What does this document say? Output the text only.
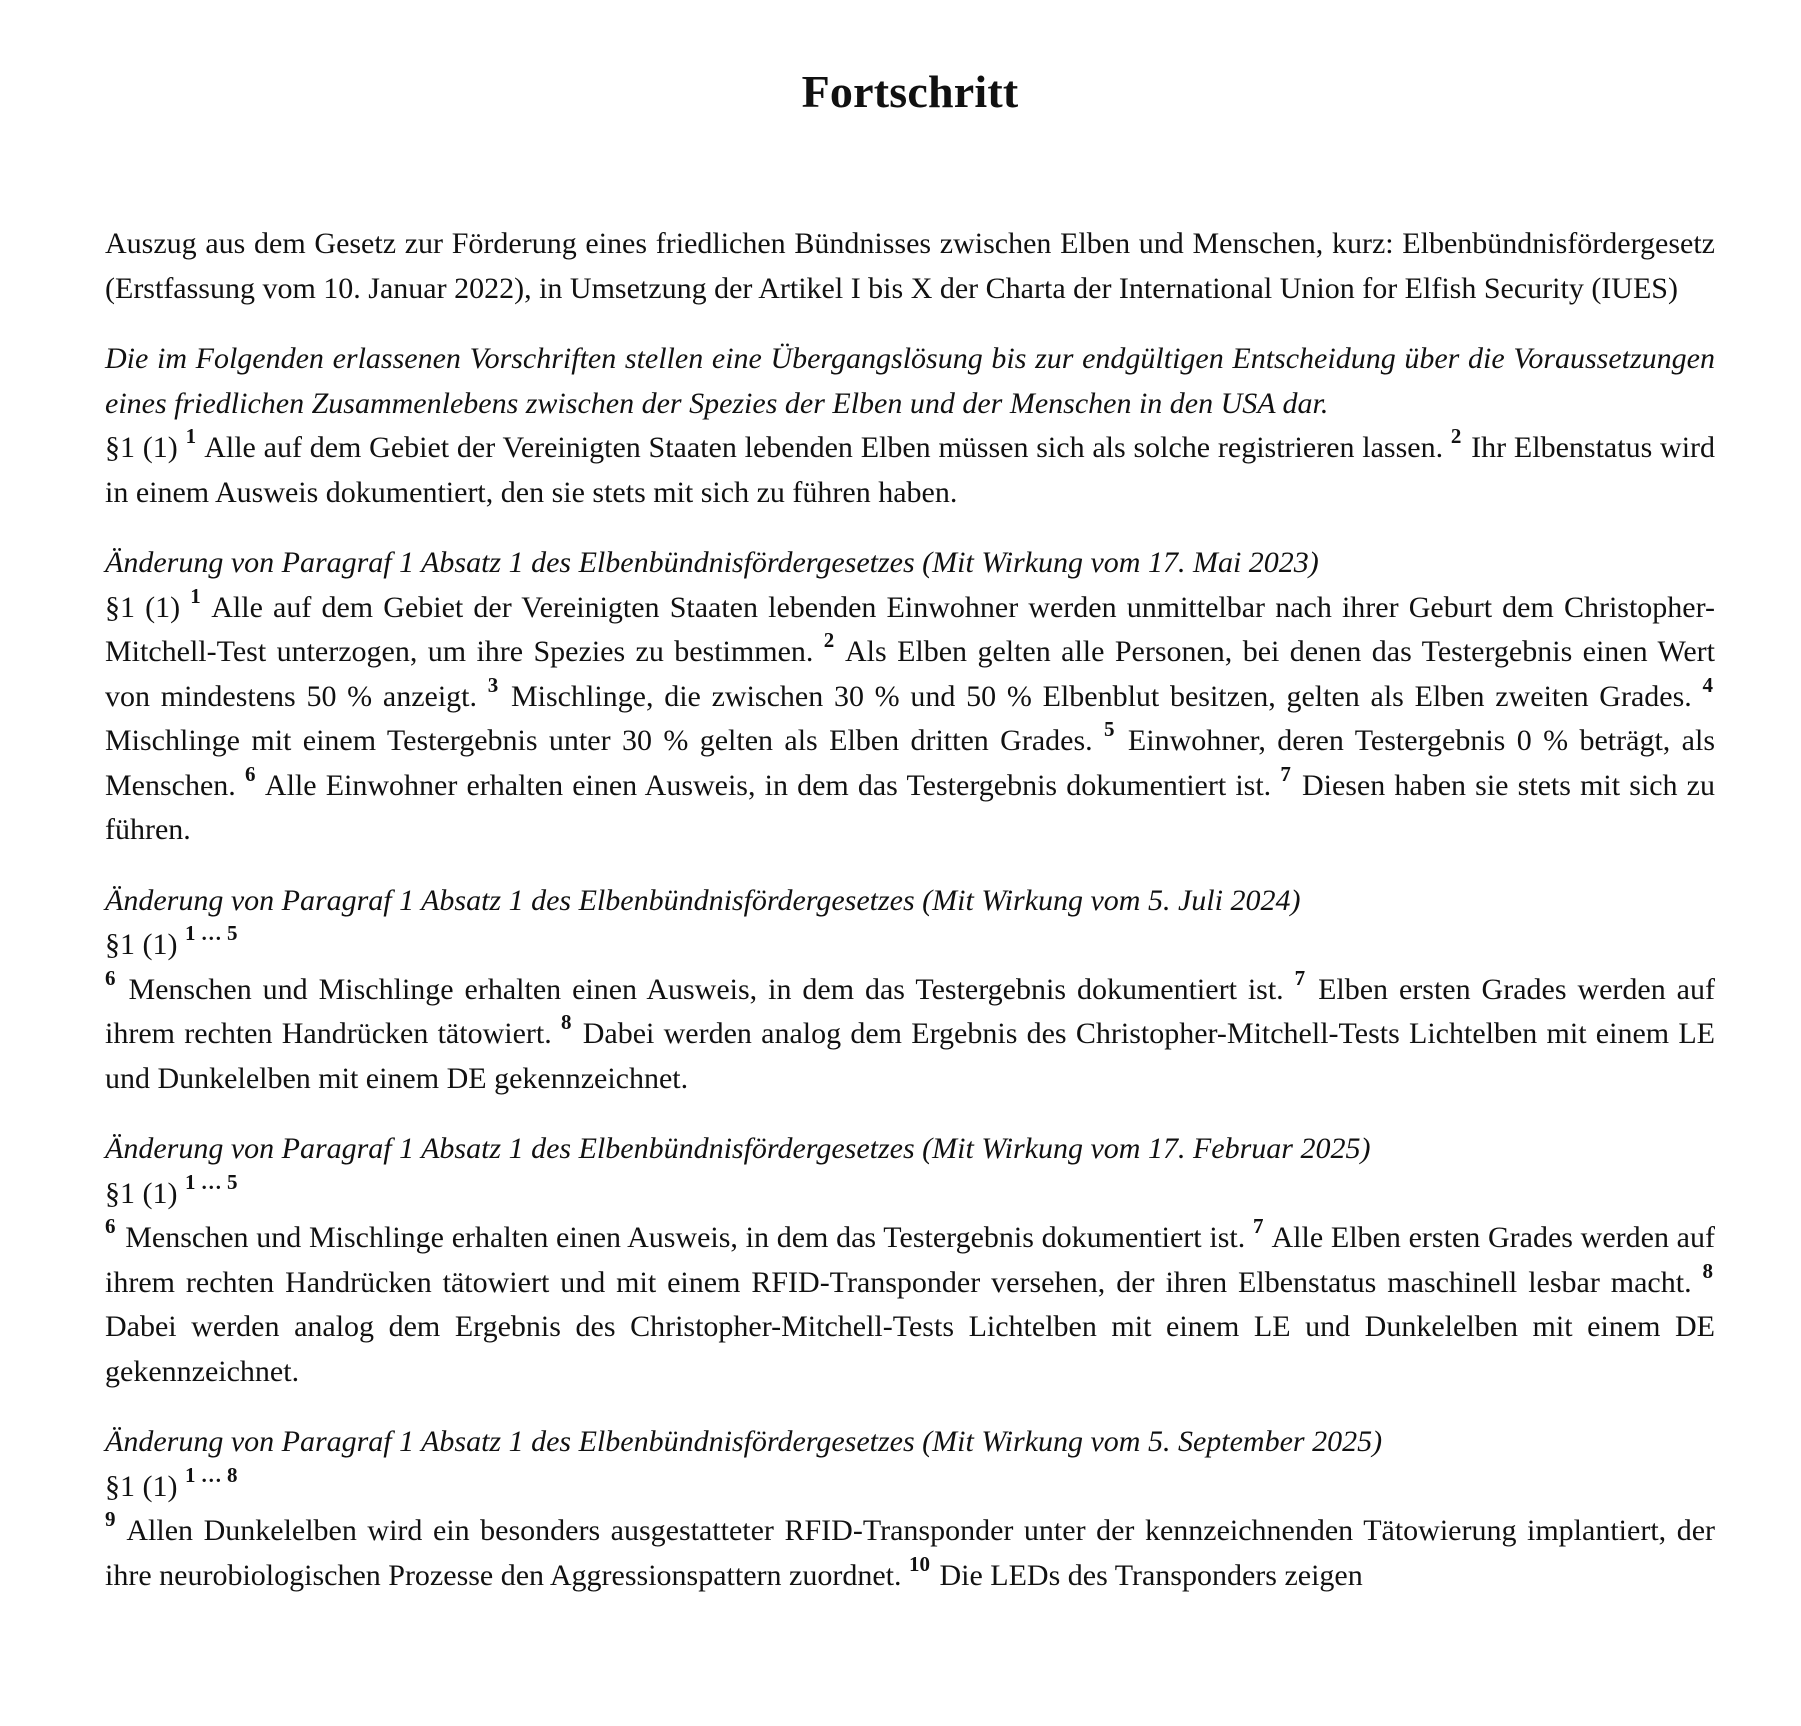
Fortschritt

Auszug aus dem Gesetz zur Förderung eines friedlichen Bündnisses zwischen Elben und Menschen, kurz: Elbenbündnisfördergesetz (Erstfassung vom 10. Januar 2022), in Umsetzung der Artikel I bis X der Charta der International Union for Elfish Security (IUES)

Die im Folgenden erlassenen Vorschriften stellen eine Übergangslösung bis zur endgültigen Entscheidung über die Voraussetzungen eines friedlichen Zusammenlebens zwischen der Spezies der Elben und der Menschen in den USA dar.

§1 (1) $^1$ Alle auf dem Gebiet der Vereinigten Staaten lebenden Elben müssen sich als solche registrieren lassen. $^2$ Ihr Elbenstatus wird in einem Ausweis dokumentiert, den sie stets mit sich zu führen haben.

Änderung von Paragraf 1 Absatz 1 des Elbenbündnisfördergesetzes (Mit Wirkung vom 17. Mai 2023)

§1 (1) $^1$ Alle auf dem Gebiet der Vereinigten Staaten lebenden Einwohner werden unmittelbar nach ihrer Geburt dem Christopher-Mitchell-Test unterzogen, um ihre Spezies zu bestimmen. $^2$ Als Elben gelten alle Personen, bei denen das Testergebnis einen Wert von mindestens 50 % anzeigt. $^3$ Mischlinge, die zwischen 30 % und 50 % Elbenblut besitzen, gelten als Elben zweiten Grades. $^4$ Mischlinge mit einem Testergebnis unter 30 % gelten als Elben dritten Grades. $^5$ Einwohner, deren Testergebnis 0 % beträgt, als Menschen. $^6$ Alle Einwohner erhalten einen Ausweis, in dem das Testergebnis dokumentiert ist. $^7$ Diesen haben sie stets mit sich zu führen.

Änderung von Paragraf 1 Absatz 1 des Elbenbündnisfördergesetzes (Mit Wirkung vom 5. Juli 2024)

§1 (1) $^{1 \dots 5}$

$^6$ Menschen und Mischlinge erhalten einen Ausweis, in dem das Testergebnis dokumentiert ist. $^7$ Elben ersten Grades werden auf ihrem rechten Handrücken tätowiert. $^8$ Dabei werden analog dem Ergebnis des Christopher-Mitchell-Tests Lichtelben mit einem LE und Dunkelelben mit einem DE gekennzeichnet.

Änderung von Paragraf 1 Absatz 1 des Elbenbündnisfördergesetzes (Mit Wirkung vom 17. Februar 2025)

§1 (1) $^{1 \dots 5}$

$^6$ Menschen und Mischlinge erhalten einen Ausweis, in dem das Testergebnis dokumentiert ist. $^7$ Alle Elben ersten Grades werden auf ihrem rechten Handrücken tätowiert und mit einem RFID-Transponder versehen, der ihren Elbenstatus maschinell lesbar macht. $^8$ Dabei werden analog dem Ergebnis des Christopher-Mitchell-Tests Lichtelben mit einem LE und Dunkelelben mit einem DE gekennzeichnet.

Änderung von Paragraf 1 Absatz 1 des Elbenbündnisfördergesetzes (Mit Wirkung vom 5. September 2025)

§1 (1) $^{1 \dots 8}$

$^9$ Allen Dunkelelben wird ein besonders ausgestatteter RFID-Transponder unter der kennzeichnenden Tätowierung implantiert, der ihre neurobiologischen Prozesse den Aggressionspattern zuordnet. $^{10}$ Die LEDs des Transponders zeigen
